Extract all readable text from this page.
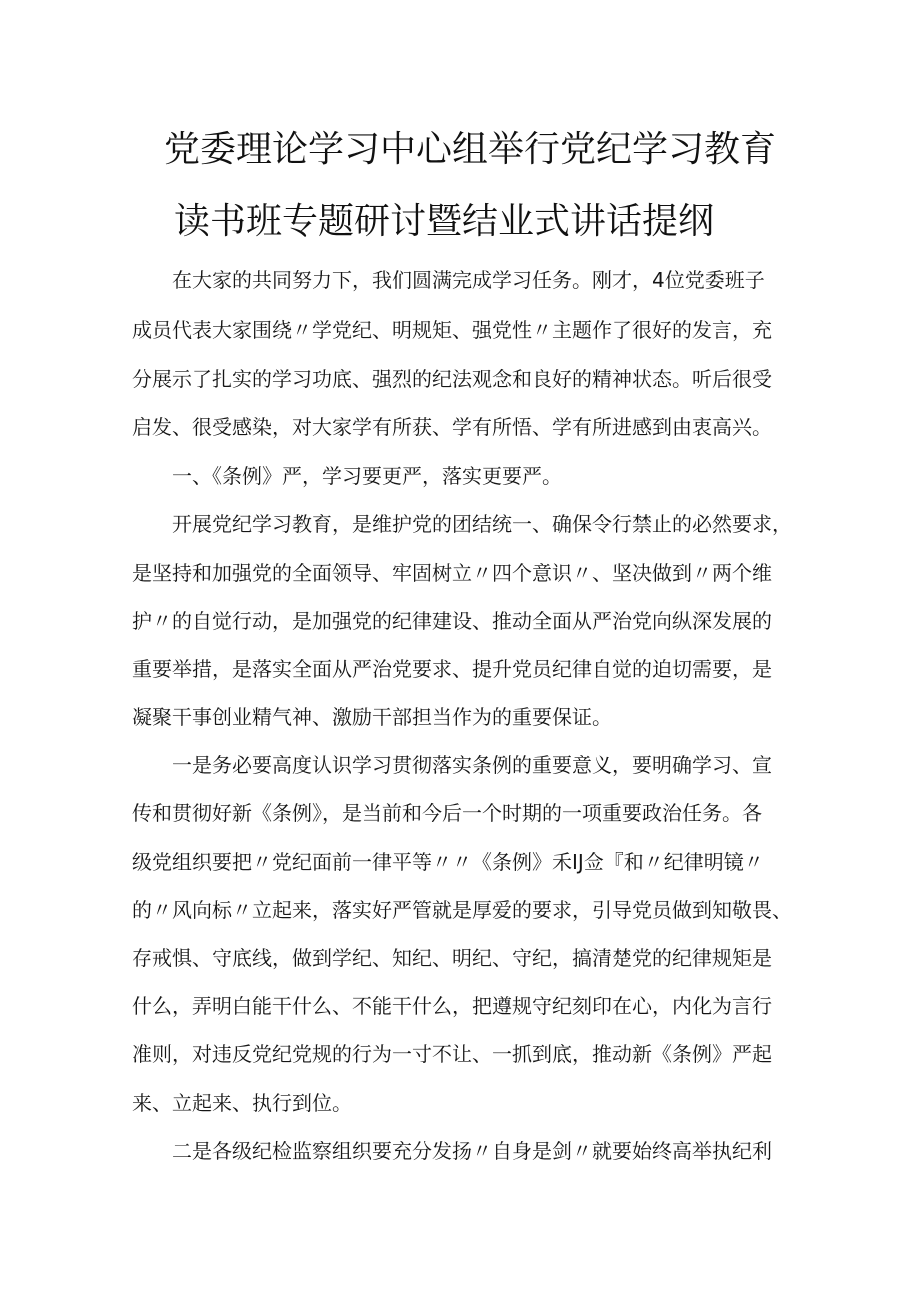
党委理论学习中心组举行党纪学习教育
读书班专题研讨暨结业式讲话提纲
在大家的共同努力下，我们圆满完成学习任务。刚才，4位党委班子
成员代表大家围绕〃学党纪、明规矩、强党性〃主题作了很好的发言，充
分展示了扎实的学习功底、强烈的纪法观念和良好的精神状态。听后很受
启发、很受感染，对大家学有所获、学有所悟、学有所进感到由衷高兴。
一、《条例》严，学习要更严，落实更要严。
开展党纪学习教育，是维护党的团结统一、确保令行禁止的必然要求，
是坚持和加强党的全面领导、牢固树立〃四个意识〃、坚决做到〃两个维
护〃的自觉行动，是加强党的纪律建设、推动全面从严治党向纵深发展的
重要举措，是落实全面从严治党要求、提升党员纪律自觉的迫切需要，是
凝聚干事创业精气神、激励干部担当作为的重要保证。
一是务必要高度认识学习贯彻落实条例的重要意义，要明确学习、宣
传和贯彻好新《条例》，是当前和今后一个时期的一项重要政治任务。各
级党组织要把〃党纪面前一律平等〃〃《条例》禾IJ佥『和〃纪律明镜〃
的〃风向标〃立起来，落实好严管就是厚爱的要求，引导党员做到知敬畏、
存戒惧、守底线，做到学纪、知纪、明纪、守纪，搞清楚党的纪律规矩是
什么，弄明白能干什么、不能干什么，把遵规守纪刻印在心，内化为言行
准则，对违反党纪党规的行为一寸不让、一抓到底，推动新《条例》严起
来、立起来、执行到位。
二是各级纪检监察组织要充分发扬〃自身是剑〃就要始终高举执纪利
